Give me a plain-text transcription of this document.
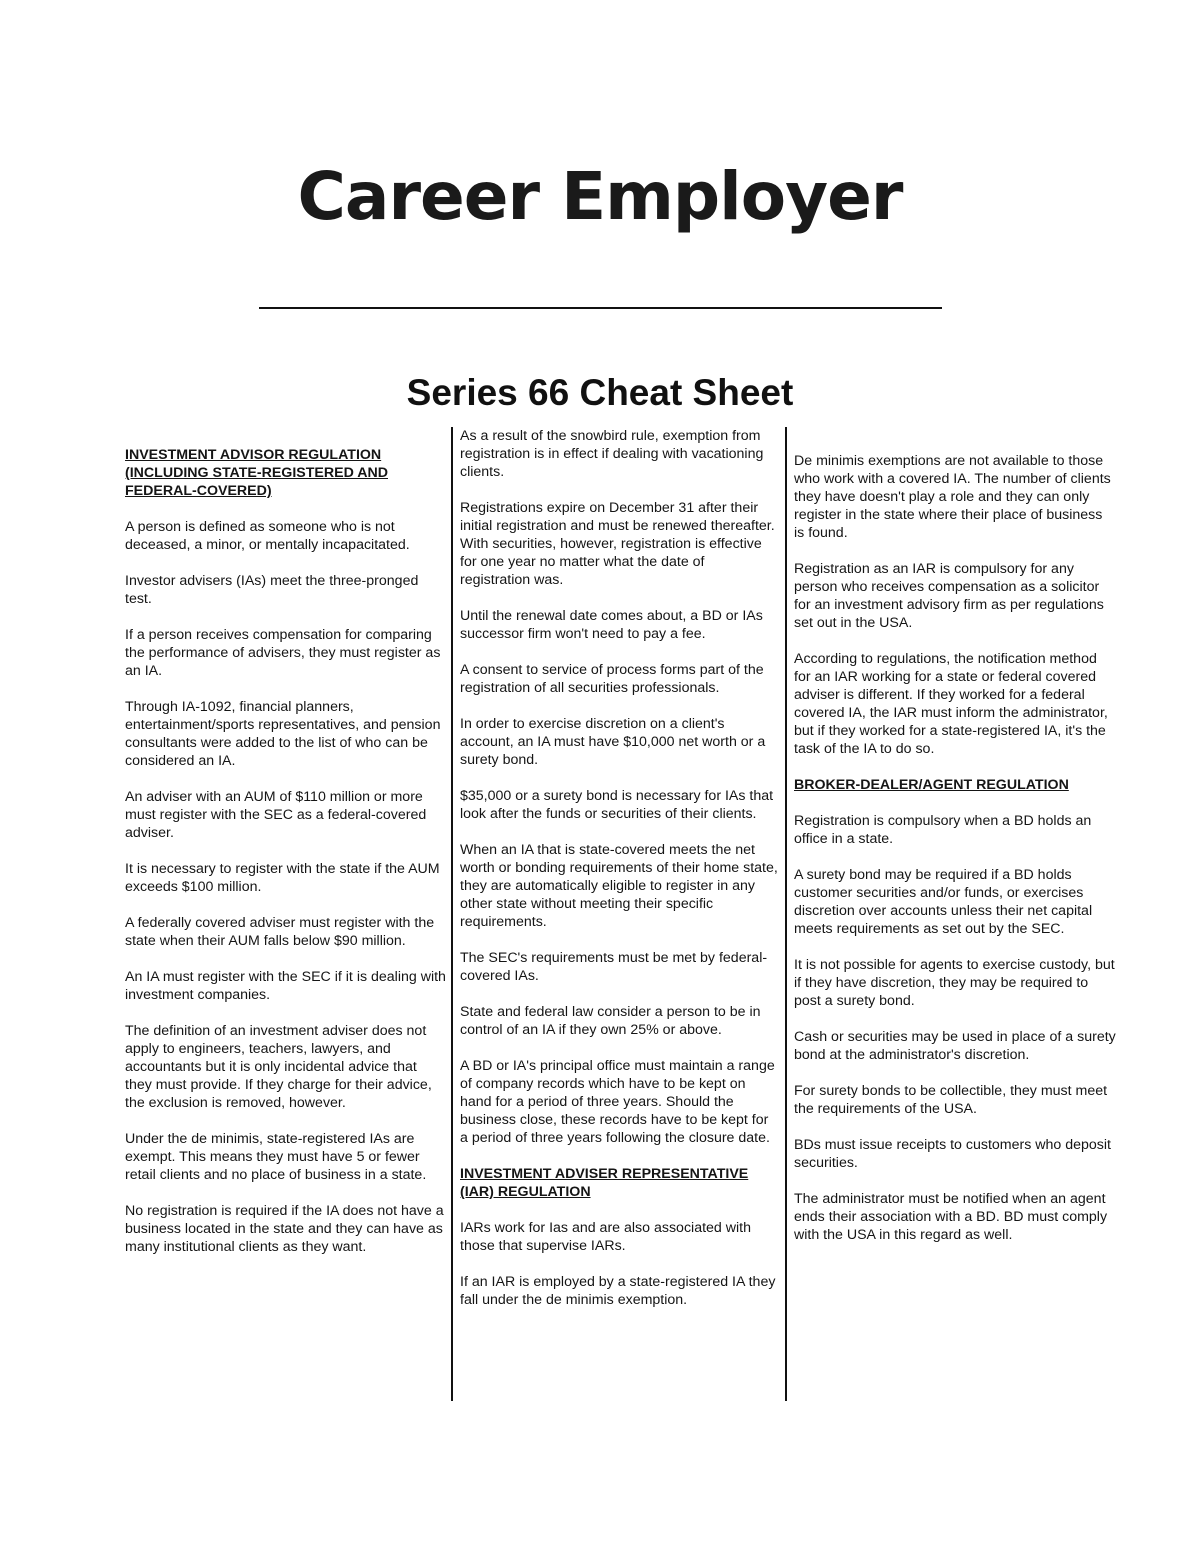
Career Employer
Series 66 Cheat Sheet
INVESTMENT ADVISOR REGULATION (INCLUDING STATE-REGISTERED AND FEDERAL-COVERED)

A person is defined as someone who is not deceased, a minor, or mentally incapacitated.

Investor advisers (IAs) meet the three-pronged test.

If a person receives compensation for comparing the performance of advisers, they must register as an IA.

Through IA-1092, financial planners, entertainment/sports representatives, and pension consultants were added to the list of who can be considered an IA.

An adviser with an AUM of $110 million or more must register with the SEC as a federal-covered adviser.

It is necessary to register with the state if the AUM exceeds $100 million.

A federally covered adviser must register with the state when their AUM falls below $90 million.

An IA must register with the SEC if it is dealing with investment companies.

The definition of an investment adviser does not apply to engineers, teachers, lawyers, and accountants but it is only incidental advice that they must provide. If they charge for their advice, the exclusion is removed, however.

Under the de minimis, state-registered IAs are exempt. This means they must have 5 or fewer retail clients and no place of business in a state.

No registration is required if the IA does not have a business located in the state and they can have as many institutional clients as they want.

As a result of the snowbird rule, exemption from registration is in effect if dealing with vacationing clients.

Registrations expire on December 31 after their initial registration and must be renewed thereafter. With securities, however, registration is effective for one year no matter what the date of registration was.

Until the renewal date comes about, a BD or IAs successor firm won't need to pay a fee.

A consent to service of process forms part of the registration of all securities professionals.

In order to exercise discretion on a client's account, an IA must have $10,000 net worth or a surety bond.

$35,000 or a surety bond is necessary for IAs that look after the funds or securities of their clients.

When an IA that is state-covered meets the net worth or bonding requirements of their home state, they are automatically eligible to register in any other state without meeting their specific requirements.

The SEC's requirements must be met by federal-covered IAs.

State and federal law consider a person to be in control of an IA if they own 25% or above.

A BD or IA's principal office must maintain a range of company records which have to be kept on hand for a period of three years. Should the business close, these records have to be kept for a period of three years following the closure date.

INVESTMENT ADVISER REPRESENTATIVE (IAR) REGULATION

IARs work for Ias and are also associated with those that supervise IARs.

If an IAR is employed by a state-registered IA they fall under the de minimis exemption.

De minimis exemptions are not available to those who work with a covered IA. The number of clients they have doesn't play a role and they can only register in the state where their place of business is found.

Registration as an IAR is compulsory for any person who receives compensation as a solicitor for an investment advisory firm as per regulations set out in the USA.

According to regulations, the notification method for an IAR working for a state or federal covered adviser is different. If they worked for a federal covered IA, the IAR must inform the administrator, but if they worked for a state-registered IA, it's the task of the IA to do so.

BROKER-DEALER/AGENT REGULATION

Registration is compulsory when a BD holds an office in a state.

A surety bond may be required if a BD holds customer securities and/or funds, or exercises discretion over accounts unless their net capital meets requirements as set out by the SEC.

It is not possible for agents to exercise custody, but if they have discretion, they may be required to post a surety bond.

Cash or securities may be used in place of a surety bond at the administrator's discretion.

For surety bonds to be collectible, they must meet the requirements of the USA.

BDs must issue receipts to customers who deposit securities.

The administrator must be notified when an agent ends their association with a BD. BD must comply with the USA in this regard as well.
